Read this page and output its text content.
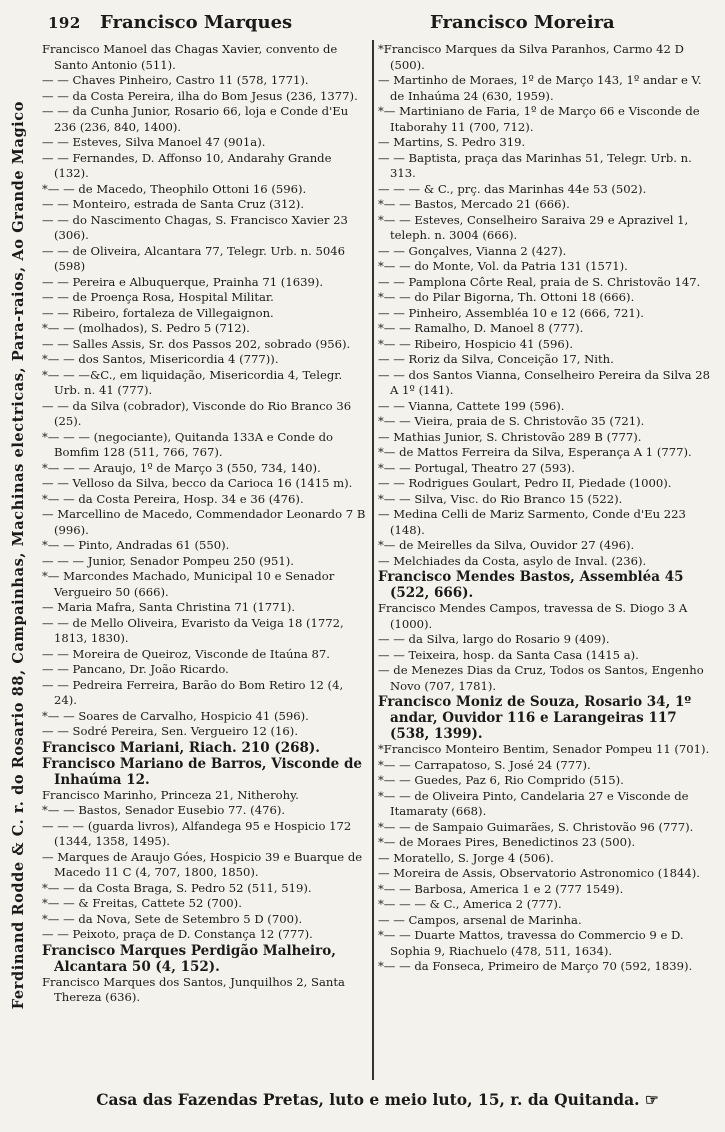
192 Francisco Marques	Francisco Moreira
Ferdinand Rodde & C. r. do Rosario 88, Campainhas, Machinas electricas, Para-raios, Ao Grande Magico
Francisco Manoel das Chagas Xavier, convento de Santo Antonio (511).
— — Chaves Pinheiro, Castro 11 (578, 1771).
— — da Costa Pereira, ilha do Bom Jesus (236, 1377).
— — da Cunha Junior, Rosario 66, loja e Conde d'Eu 236 (236, 840, 1400).
— — Esteves, Silva Manoel 47 (901a).
— — Fernandes, D. Affonso 10, Andarahy Grande (132).
*— — de Macedo, Theophilo Ottoni 16 (596).
— — Monteiro, estrada de Santa Cruz (312).
— — do Nascimento Chagas, S. Francisco Xavier 23 (306).
— — de Oliveira, Alcantara 77, Telegr. Urb. n. 5046 (598)
— — Pereira e Albuquerque, Prainha 71 (1639).
— — de Proença Rosa, Hospital Militar.
— — Ribeiro, fortaleza de Villegaignon.
*— — (molhados), S. Pedro 5 (712).
— — Salles Assis, Sr. dos Passos 202, sobrado (956).
*— — dos Santos, Misericordia 4 (777)).
*— — —&C., em liquidação, Misericordia 4, Telegr. Urb. n. 41 (777).
— — da Silva (cobrador), Visconde do Rio Branco 36 (25).
*— — — (negociante), Quitanda 133A e Conde do Bomfim 128 (511, 766, 767).
*— — — Araujo, 1º de Março 3 (550, 734, 140).
— — Velloso da Silva, becco da Carioca 16 (1415 m).
*— — da Costa Pereira, Hosp. 34 e 36 (476).
— Marcellino de Macedo, Commendador Leonardo 7 B (996).
*— — Pinto, Andradas 61 (550).
— — — Junior, Senador Pompeu 250 (951).
*— Marcondes Machado, Municipal 10 e Senador Vergueiro 50 (666).
— Maria Mafra, Santa Christina 71 (1771).
— — de Mello Oliveira, Evaristo da Veiga 18 (1772, 1813, 1830).
— — Moreira de Queiroz, Visconde de Itaúna 87.
— — Pancano, Dr. João Ricardo.
— — Pedreira Ferreira, Barão do Bom Retiro 12 (4, 24).
*— — Soares de Carvalho, Hospicio 41 (596).
— — Sodré Pereira, Sen. Vergueiro 12 (16).
Francisco Mariani, Riach. 210 (268).
Francisco Mariano de Barros, Visconde de Inhaúma 12.
Francisco Marinho, Princeza 21, Nitherohy.
*— — Bastos, Senador Eusebio 77. (476).
— — — (guarda livros), Alfandega 95 e Hospicio 172 (1344, 1358, 1495).
— Marques de Araujo Góes, Hospicio 39 e Buarque de Macedo 11 C (4, 707, 1800, 1850).
*— — da Costa Braga, S. Pedro 52 (511, 519).
*— — & Freitas, Cattete 52 (700).
*— — da Nova, Sete de Setembro 5 D (700).
— — Peixoto, praça de D. Constança 12 (777).
Francisco Marques Perdigão Malheiro, Alcantara 50 (4, 152).
Francisco Marques dos Santos, Junquilhos 2, Santa Thereza (636).
*Francisco Marques da Silva Paranhos, Carmo 42 D (500).
— Martinho de Moraes, 1º de Março 143, 1º andar e V. de Inhaúma 24 (630, 1959).
*— Martiniano de Faria, 1º de Março 66 e Visconde de Itaborahy 11 (700, 712).
— Martins, S. Pedro 319.
— — Baptista, praça das Marinhas 51, Telegr. Urb. n. 313.
— — — & C., prç. das Marinhas 44e 53 (502).
*— — Bastos, Mercado 21 (666).
*— — Esteves, Conselheiro Saraiva 29 e Aprazivel 1, teleph. n. 3004 (666).
— — Gonçalves, Vianna 2 (427).
*— — do Monte, Vol. da Patria 131 (1571).
— — Pamplona Côrte Real, praia de S. Christovão 147.
*— — do Pilar Bigorna, Th. Ottoni 18 (666).
— — Pinheiro, Assembléa 10 e 12 (666, 721).
*— — Ramalho, D. Manoel 8 (777).
*— — Ribeiro, Hospicio 41 (596).
— — Roriz da Silva, Conceição 17, Nith.
— — dos Santos Vianna, Conselheiro Pereira da Silva 28 A 1º (141).
— — Vianna, Cattete 199 (596).
*— — Vieira, praia de S. Christovão 35 (721).
— Mathias Junior, S. Christovão 289 B (777).
*— de Mattos Ferreira da Silva, Esperança A 1 (777).
*— — Portugal, Theatro 27 (593).
— — Rodrigues Goulart, Pedro II, Piedade (1000).
*— — Silva, Visc. do Rio Branco 15 (522).
— Medina Celli de Mariz Sarmento, Conde d'Eu 223 (148).
*— de Meirelles da Silva, Ouvidor 27 (496).
— Melchiades da Costa, asylo de Inval. (236).
Francisco Mendes Bastos, Assembléa 45 (522, 666).
Francisco Mendes Campos, travessa de S. Diogo 3 A (1000).
— — da Silva, largo do Rosario 9 (409).
— — Teixeira, hosp. da Santa Casa (1415 a).
— de Menezes Dias da Cruz, Todos os Santos, Engenho Novo (707, 1781).
Francisco Moniz de Souza, Rosario 34, 1º andar, Ouvidor 116 e Larangeiras 117 (538, 1399).
*Francisco Monteiro Bentim, Senador Pompeu 11 (701).
*— — Carrapatoso, S. José 24 (777).
*— — Guedes, Paz 6, Rio Comprido (515).
*— — de Oliveira Pinto, Candelaria 27 e Visconde de Itamaraty (668).
*— — de Sampaio Guimarães, S. Christovão 96 (777).
*— de Moraes Pires, Benedictinos 23 (500).
— Moratello, S. Jorge 4 (506).
— Moreira de Assis, Observatorio Astronomico (1844).
*— — Barbosa, America 1 e 2 (777 1549).
*— — — & C., America 2 (777).
— — Campos, arsenal de Marinha.
*— — Duarte Mattos, travessa do Commercio 9 e D. Sophia 9, Riachuelo (478, 511, 1634).
*— — da Fonseca, Primeiro de Março 70 (592, 1839).
Casa das Fazendas Pretas, luto e meio luto, 15, r. da Quitanda. ☞
